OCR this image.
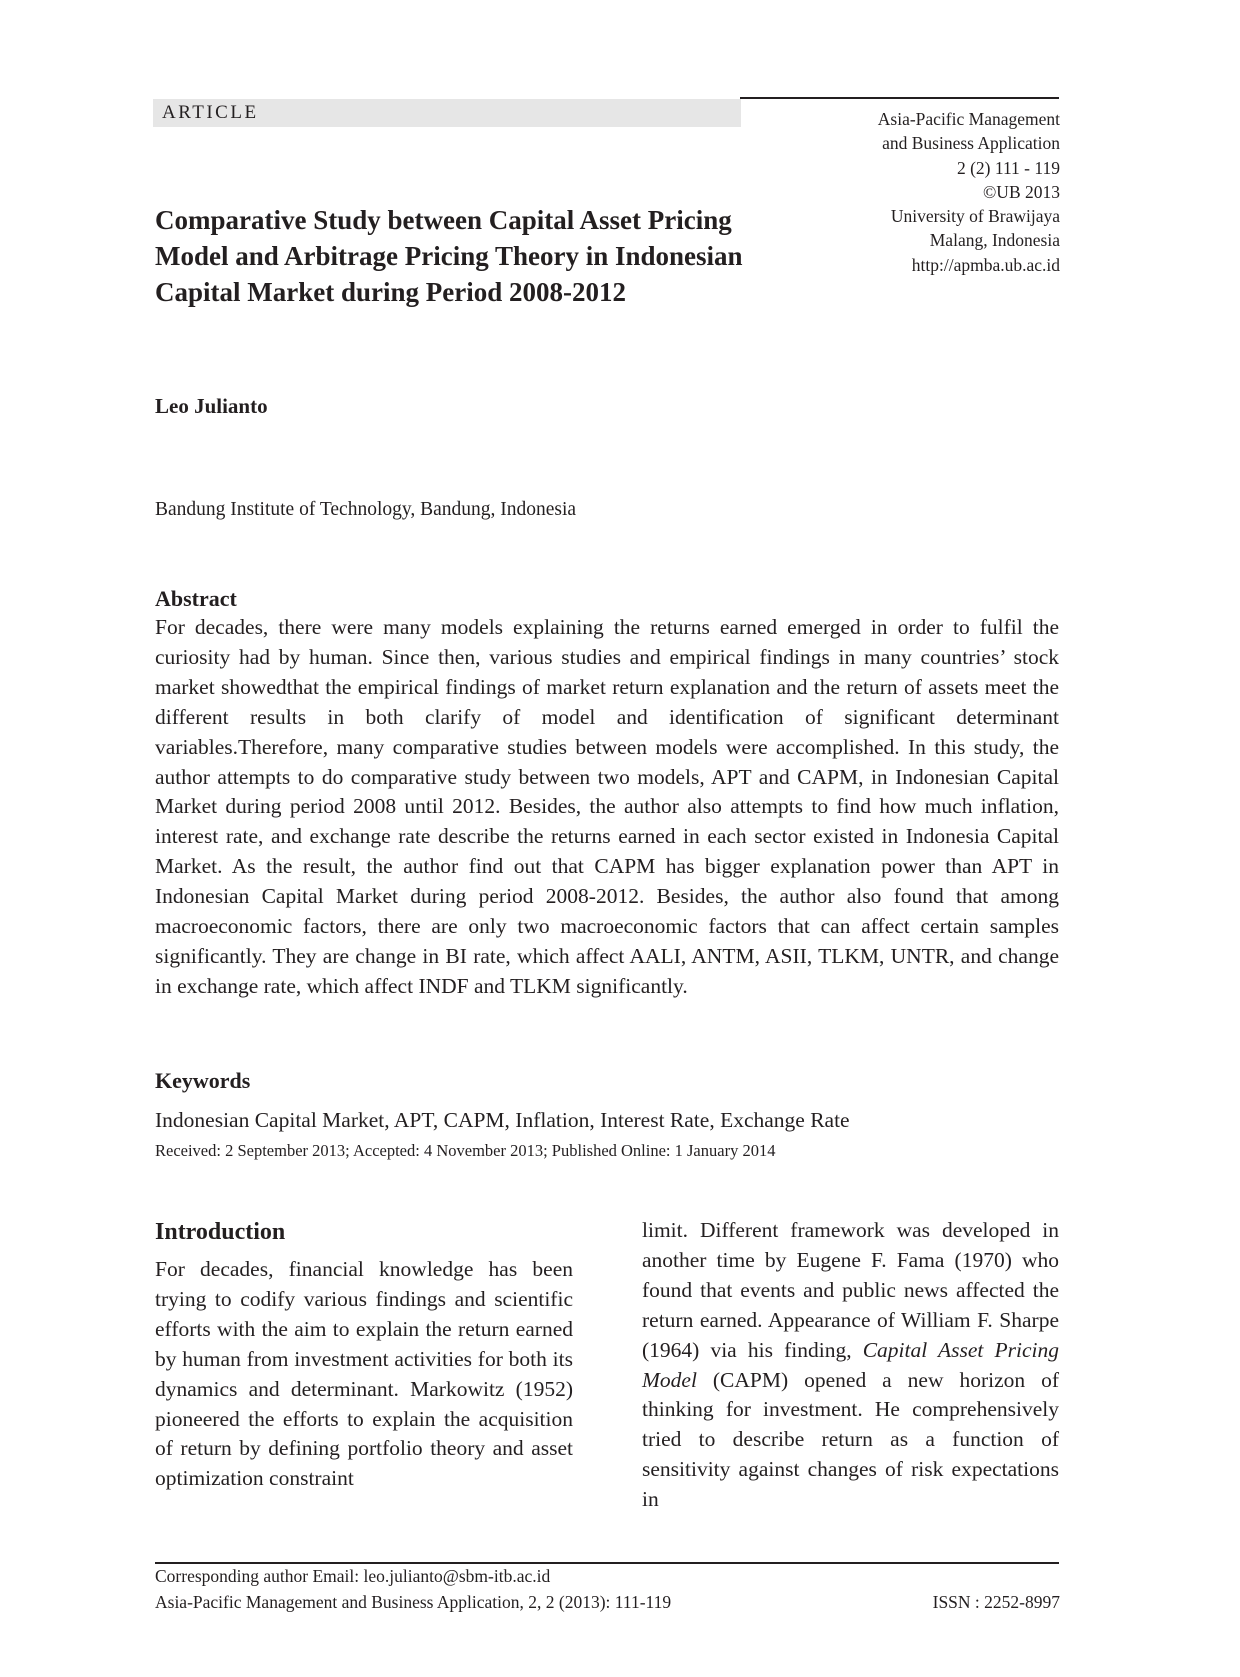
ARTICLE	Asia-Pacific Management
and Business Application
2 (2) 111 - 119
©UB 2013
University of Brawijaya
Malang, Indonesia
http://apmba.ub.ac.id
Comparative Study between Capital Asset Pricing Model and Arbitrage Pricing Theory in Indonesian Capital Market during Period 2008-2012
Leo Julianto
Bandung Institute of Technology, Bandung, Indonesia
Abstract

For decades, there were many models explaining the returns earned emerged in order to fulfil the curiosity had by human. Since then, various studies and empirical findings in many countries’ stock market showedthat the empirical findings of market return explanation and the return of assets meet the different results in both clarify of model and identification of significant determinant variables.Therefore, many comparative studies between models were accomplished. In this study, the author attempts to do comparative study between two models, APT and CAPM, in Indonesian Capital Market during period 2008 until 2012. Besides, the author also attempts to find how much inflation, interest rate, and exchange rate describe the returns earned in each sector existed in Indonesia Capital Market. As the result, the author find out that CAPM has bigger explanation power than APT in Indonesian Capital Market during period 2008-2012. Besides, the author also found that among macroeconomic factors, there are only two macroeconomic factors that can affect certain samples significantly. They are change in BI rate, which affect AALI, ANTM, ASII, TLKM, UNTR, and change in exchange rate, which affect INDF and TLKM significantly.

Keywords
Indonesian Capital Market, APT, CAPM, Inflation, Interest Rate, Exchange Rate
Received: 2 September 2013; Accepted: 4 November 2013; Published Online: 1 January 2014
Introduction

For decades, financial knowledge has been trying to codify various findings and scientific efforts with the aim to explain the return earned by human from investment activities for both its dynamics and determinant. Markowitz (1952) pioneered the efforts to explain the acquisition of return by defining portfolio theory and asset optimization constraint

limit. Different framework was developed in another time by Eugene F. Fama (1970) who found that events and public news affected the return earned. Appearance of William F. Sharpe (1964) via his finding, Capital Asset Pricing Model (CAPM) opened a new horizon of thinking for investment. He comprehensively tried to describe return as a function of sensitivity against changes of risk expectations in

Corresponding author Email: leo.julianto@sbm-itb.ac.id
Asia-Pacific Management and Business Application, 2, 2 (2013): 111-119	ISSN : 2252-8997
